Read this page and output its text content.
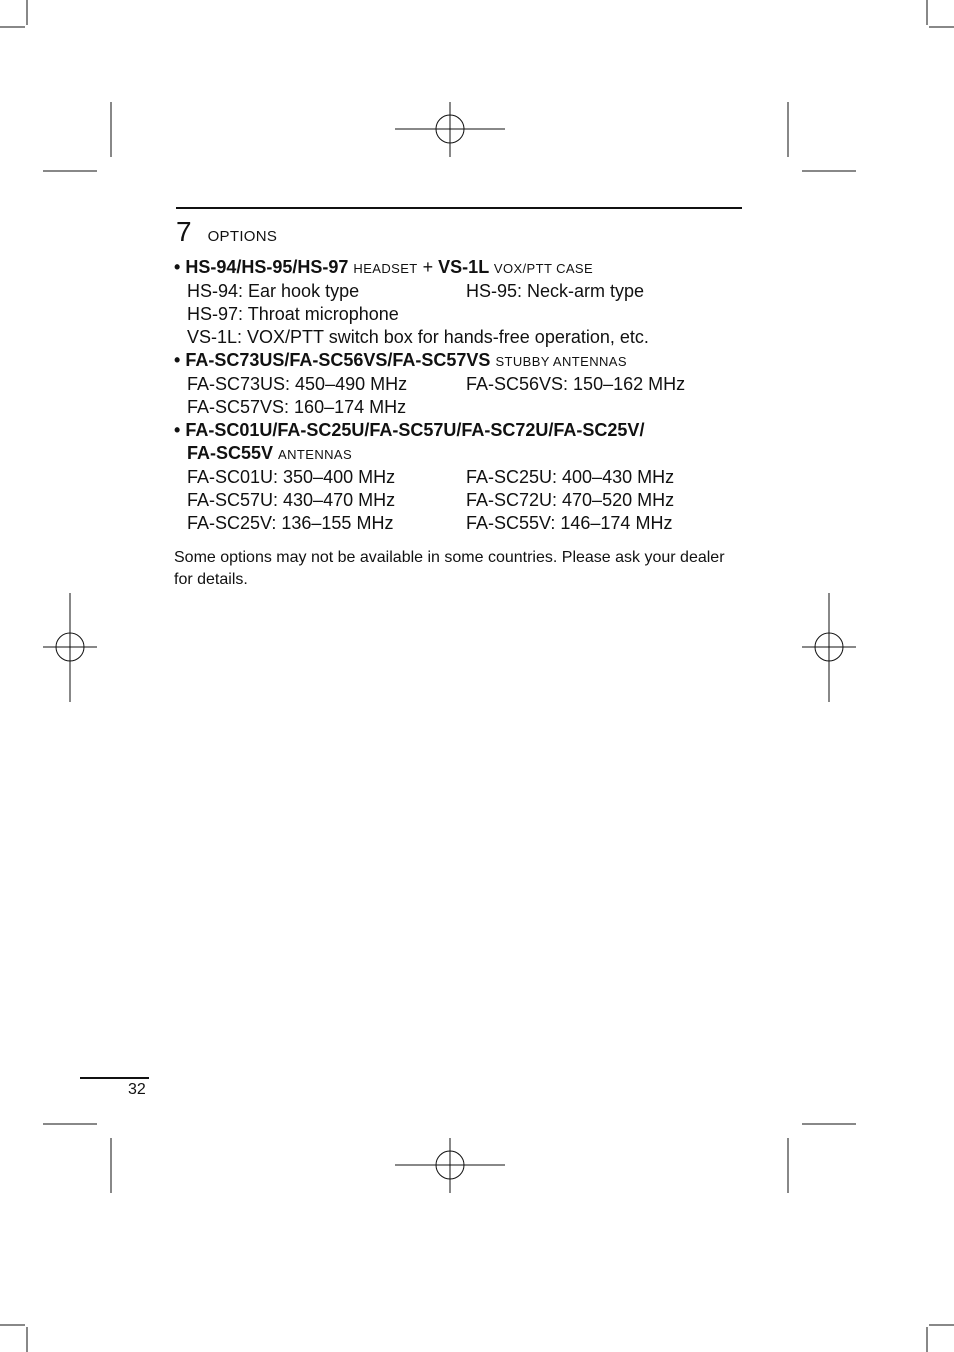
7 OPTIONS
• HS-94/HS-95/HS-97 HEADSET + VS-1L VOX/PTT CASE
HS-94: Ear hook type	HS-95: Neck-arm type
HS-97: Throat microphone
VS-1L: VOX/PTT switch box for hands-free operation, etc.
• FA-SC73US/FA-SC56VS/FA-SC57VS STUBBY ANTENNAS
FA-SC73US: 450–490 MHz	FA-SC56VS: 150–162 MHz
FA-SC57VS: 160–174 MHz
• FA-SC01U/FA-SC25U/FA-SC57U/FA-SC72U/FA-SC25V/
FA-SC55V ANTENNAS
FA-SC01U: 350–400 MHz	FA-SC25U: 400–430 MHz
FA-SC57U: 430–470 MHz	FA-SC72U: 470–520 MHz
FA-SC25V: 136–155 MHz	FA-SC55V: 146–174 MHz
Some options may not be available in some countries. Please ask your dealer for details.
32
